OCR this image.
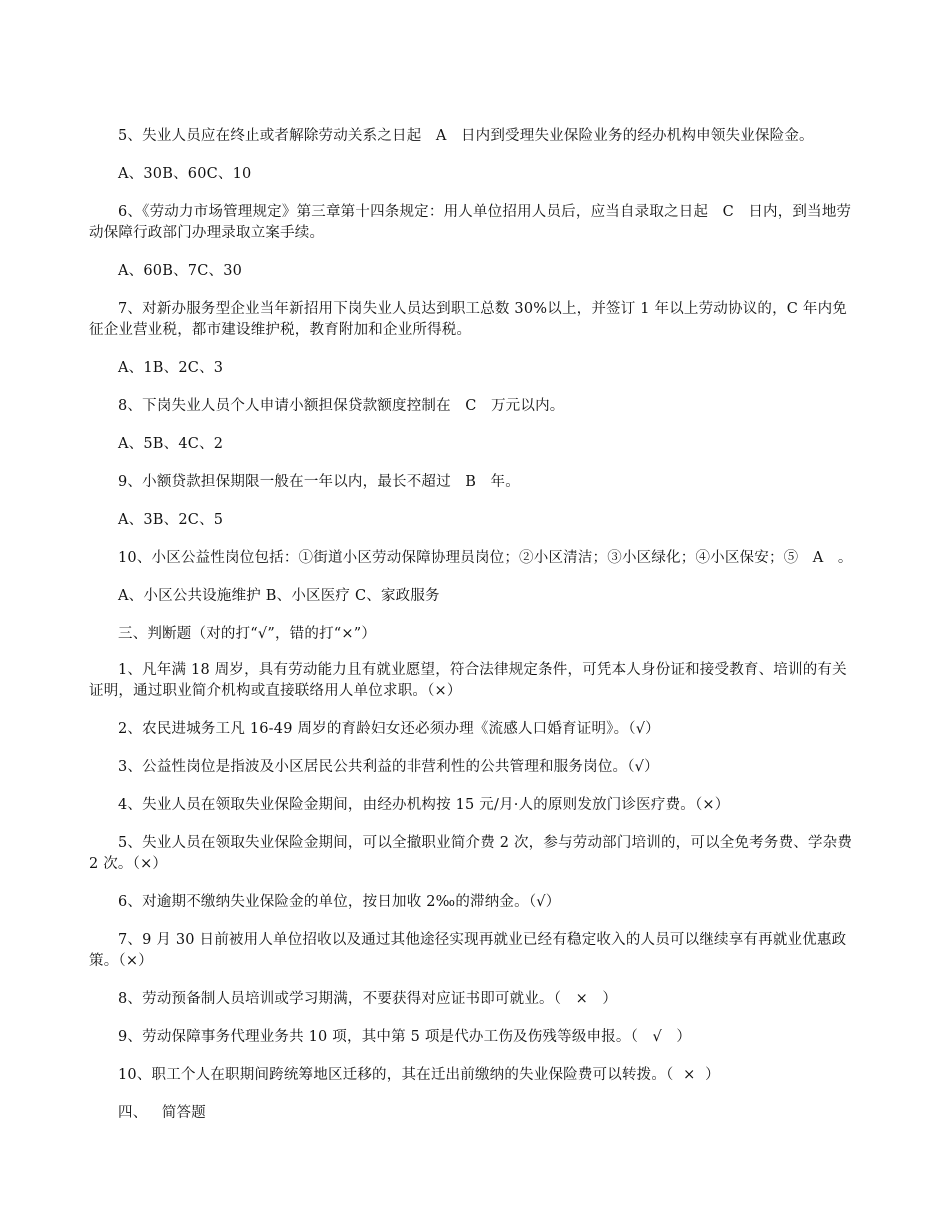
5、失业人员应在终止或者解除劳动关系之日起   A   日内到受理失业保险业务的经办机构申领失业保险金。

A、30B、60C、10

6、《劳动力市场管理规定》第三章第十四条规定：用人单位招用人员后，应当自录取之日起   C   日内，到当地劳动保障行政部门办理录取立案手续。

A、60B、7C、30

7、对新办服务型企业当年新招用下岗失业人员达到职工总数 30%以上，并签订 1 年以上劳动协议的，C 年内免征企业营业税，都市建设维护税，教育附加和企业所得税。

A、1B、2C、3

8、下岗失业人员个人申请小额担保贷款额度控制在   C   万元以内。

A、5B、4C、2

9、小额贷款担保期限一般在一年以内，最长不超过   B   年。

A、3B、2C、5

10、小区公益性岗位包括：①街道小区劳动保障协理员岗位；②小区清洁；③小区绿化；④小区保安；⑤   A   。

A、小区公共设施维护 B、小区医疗 C、家政服务

三、判断题（对的打“√”，错的打“×”）

1、凡年满 18 周岁，具有劳动能力且有就业愿望，符合法律规定条件，可凭本人身份证和接受教育、培训的有关证明，通过职业简介机构或直接联络用人单位求职。（×）

2、农民进城务工凡 16-49 周岁的育龄妇女还必须办理《流感人口婚育证明》。（√）

3、公益性岗位是指波及小区居民公共利益的非营利性的公共管理和服务岗位。（√）

4、失业人员在领取失业保险金期间，由经办机构按 15 元/月·人的原则发放门诊医疗费。（×）

5、失业人员在领取失业保险金期间，可以全撤职业简介费 2 次，参与劳动部门培训的，可以全免考务费、学杂费 2 次。（×）

6、对逾期不缴纳失业保险金的单位，按日加收 2‰的滞纳金。（√）

7、9 月 30 日前被用人单位招收以及通过其他途径实现再就业已经有稳定收入的人员可以继续享有再就业优惠政策。（×）

8、劳动预备制人员培训或学习期满，不要获得对应证书即可就业。（   ×   ）

9、劳动保障事务代理业务共 10 项，其中第 5 项是代办工伤及伤残等级申报。（   √   ）

10、职工个人在职期间跨统筹地区迁移的，其在迁出前缴纳的失业保险费可以转拨。（  ×  ）

四、   简答题
